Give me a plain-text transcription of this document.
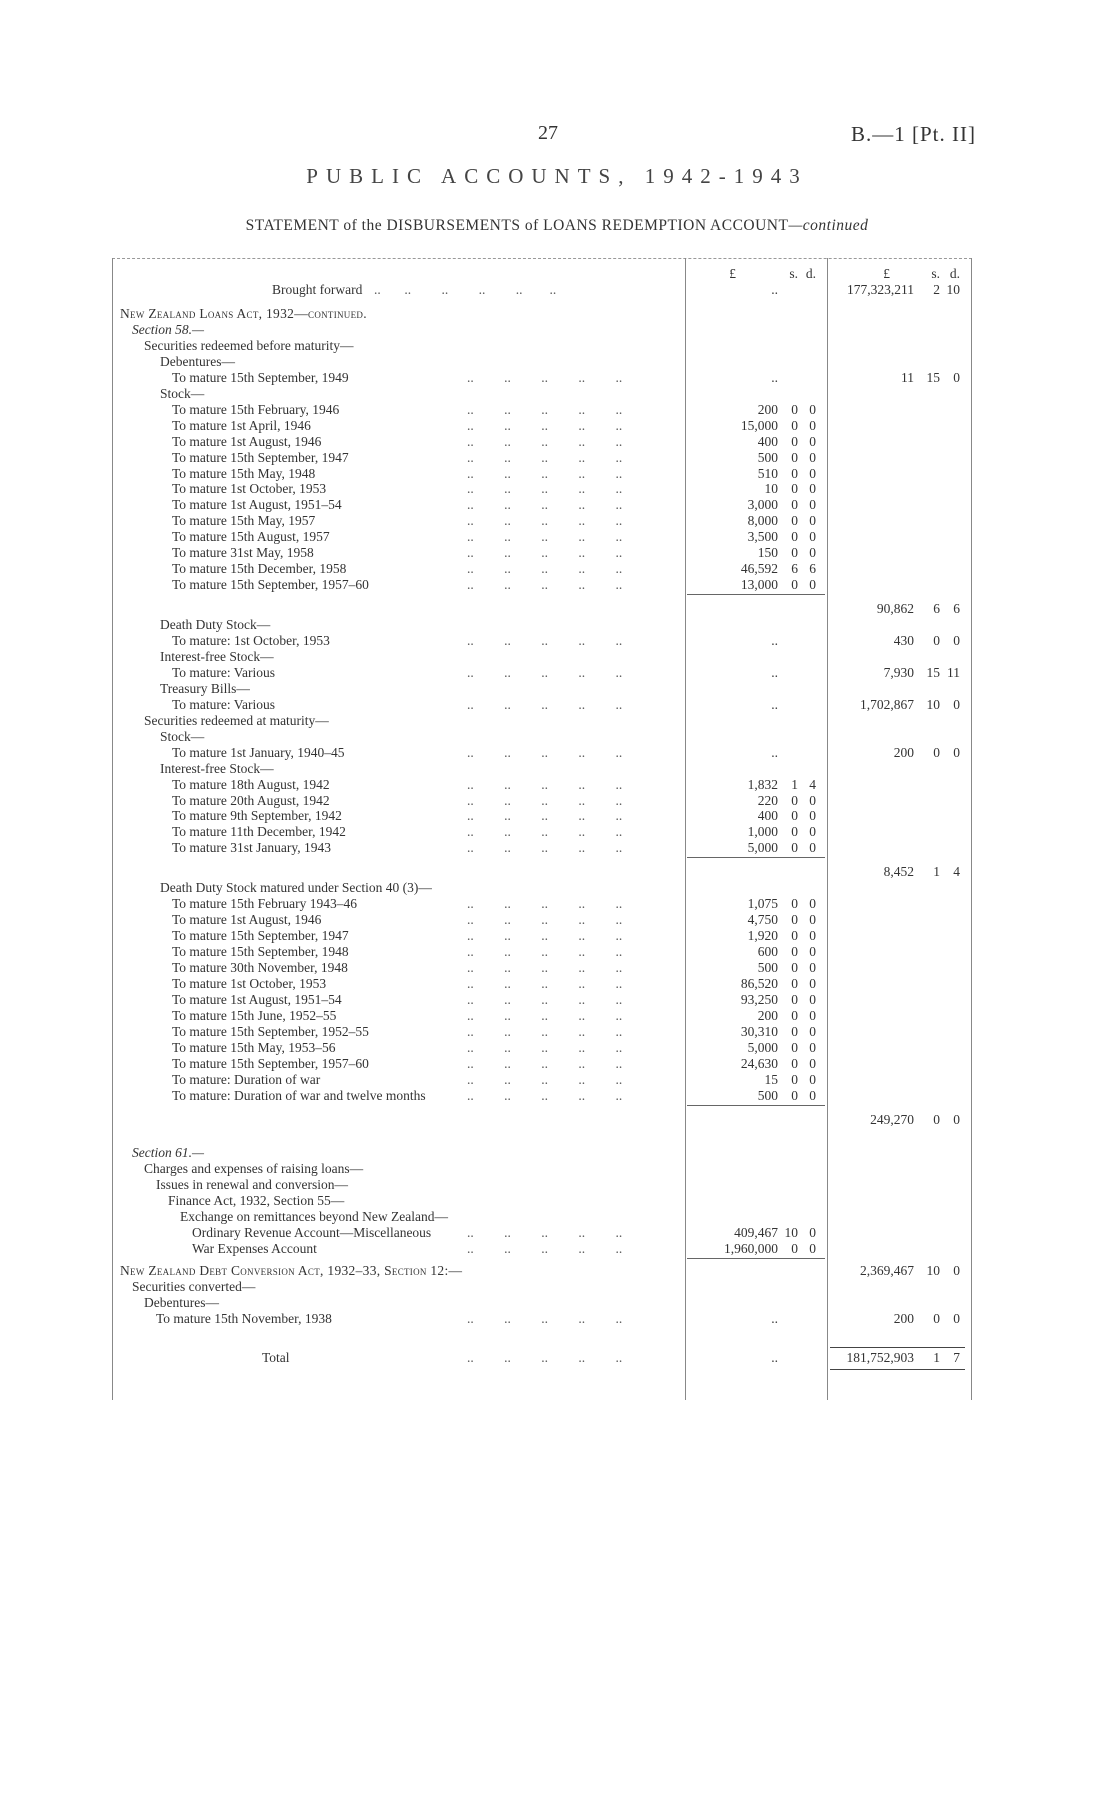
27	B.—1 [Pt. II]
PUBLIC ACCOUNTS, 1942-1943
STATEMENT of the DISBURSEMENTS of LOANS REDEMPTION ACCOUNT—continued
£	s. d.	£	s. d.
Brought forward ..       ..         ..         ..         ..        ..	..	177,323,211	2 10
New Zealand Loans Act, 1932—continued.
Section 58.—
Securities redeemed before maturity—
Debentures—
To mature 15th September, 1949	..         ..         ..         ..         ..	..	11 15 0
Stock—
To mature 15th February, 1946	..         ..         ..         ..         ..	200 0 0
To mature 1st April, 1946	..         ..         ..         ..         ..	15,000 0 0
To mature 1st August, 1946	..         ..         ..         ..         ..	400 0 0
To mature 15th September, 1947	..         ..         ..         ..         ..	500 0 0
To mature 15th May, 1948	..         ..         ..         ..         ..	510 0 0
To mature 1st October, 1953	..         ..         ..         ..         ..	10 0 0
To mature 1st August, 1951–54	..         ..         ..         ..         ..	3,000 0 0
To mature 15th May, 1957	..         ..         ..         ..         ..	8,000 0 0
To mature 15th August, 1957	..         ..         ..         ..         ..	3,500 0 0
To mature 31st May, 1958	..         ..         ..         ..         ..	150 0 0
To mature 15th December, 1958	..         ..         ..         ..         ..	46,592 6 6
To mature 15th September, 1957–60	..         ..         ..         ..         ..	13,000 0 0
90,862	6 6
Death Duty Stock—
To mature: 1st October, 1953	..         ..         ..         ..         ..	..	430	0 0
Interest-free Stock—
To mature: Various	..         ..         ..         ..         ..	..	7,930 15 11
Treasury Bills—
To mature: Various	..         ..         ..         ..         ..	..	1,702,867 10 0
Securities redeemed at maturity—
Stock—
To mature 1st January, 1940–45	..         ..         ..         ..         ..	..	200	0 0
Interest-free Stock—
To mature 18th August, 1942	..         ..         ..         ..         ..	1,832 1 4
To mature 20th August, 1942	..         ..         ..         ..         ..	220 0 0
To mature 9th September, 1942	..         ..         ..         ..         ..	400 0 0
To mature 11th December, 1942	..         ..         ..         ..         ..	1,000 0 0
To mature 31st January, 1943	..         ..         ..         ..         ..	5,000 0 0
8,452	1 4
Death Duty Stock matured under Section 40 (3)—
To mature 15th February 1943–46	..         ..         ..         ..         ..	1,075 0 0
To mature 1st August, 1946	..         ..         ..         ..         ..	4,750 0 0
To mature 15th September, 1947	..         ..         ..         ..         ..	1,920 0 0
To mature 15th September, 1948	..         ..         ..         ..         ..	600 0 0
To mature 30th November, 1948	..         ..         ..         ..         ..	500 0 0
To mature 1st October, 1953	..         ..         ..         ..         ..	86,520 0 0
To mature 1st August, 1951–54	..         ..         ..         ..         ..	93,250 0 0
To mature 15th June, 1952–55	..         ..         ..         ..         ..	200 0 0
To mature 15th September, 1952–55	..         ..         ..         ..         ..	30,310 0 0
To mature 15th May, 1953–56	..         ..         ..         ..         ..	5,000 0 0
To mature 15th September, 1957–60	..         ..         ..         ..         ..	24,630 0 0
To mature: Duration of war	..         ..         ..         ..         ..	15 0 0
To mature: Duration of war and twelve months	..         ..         ..         ..         ..	500 0 0
249,270	0 0
Section 61.—
Charges and expenses of raising loans—
Issues in renewal and conversion—
Finance Act, 1932, Section 55—
Exchange on remittances beyond New Zealand—
Ordinary Revenue Account—Miscellaneous	..         ..         ..         ..         ..	409,467 10 0
War Expenses Account	..         ..         ..         ..         ..	1,960,000 0 0
New Zealand Debt Conversion Act, 1932–33, Section 12:—	2,369,467 10 0
Securities converted—
Debentures—
To mature 15th November, 1938	..         ..         ..         ..         ..	..	200	0 0
Total	..         ..         ..         ..         ..	..	181,752,903	1 7
